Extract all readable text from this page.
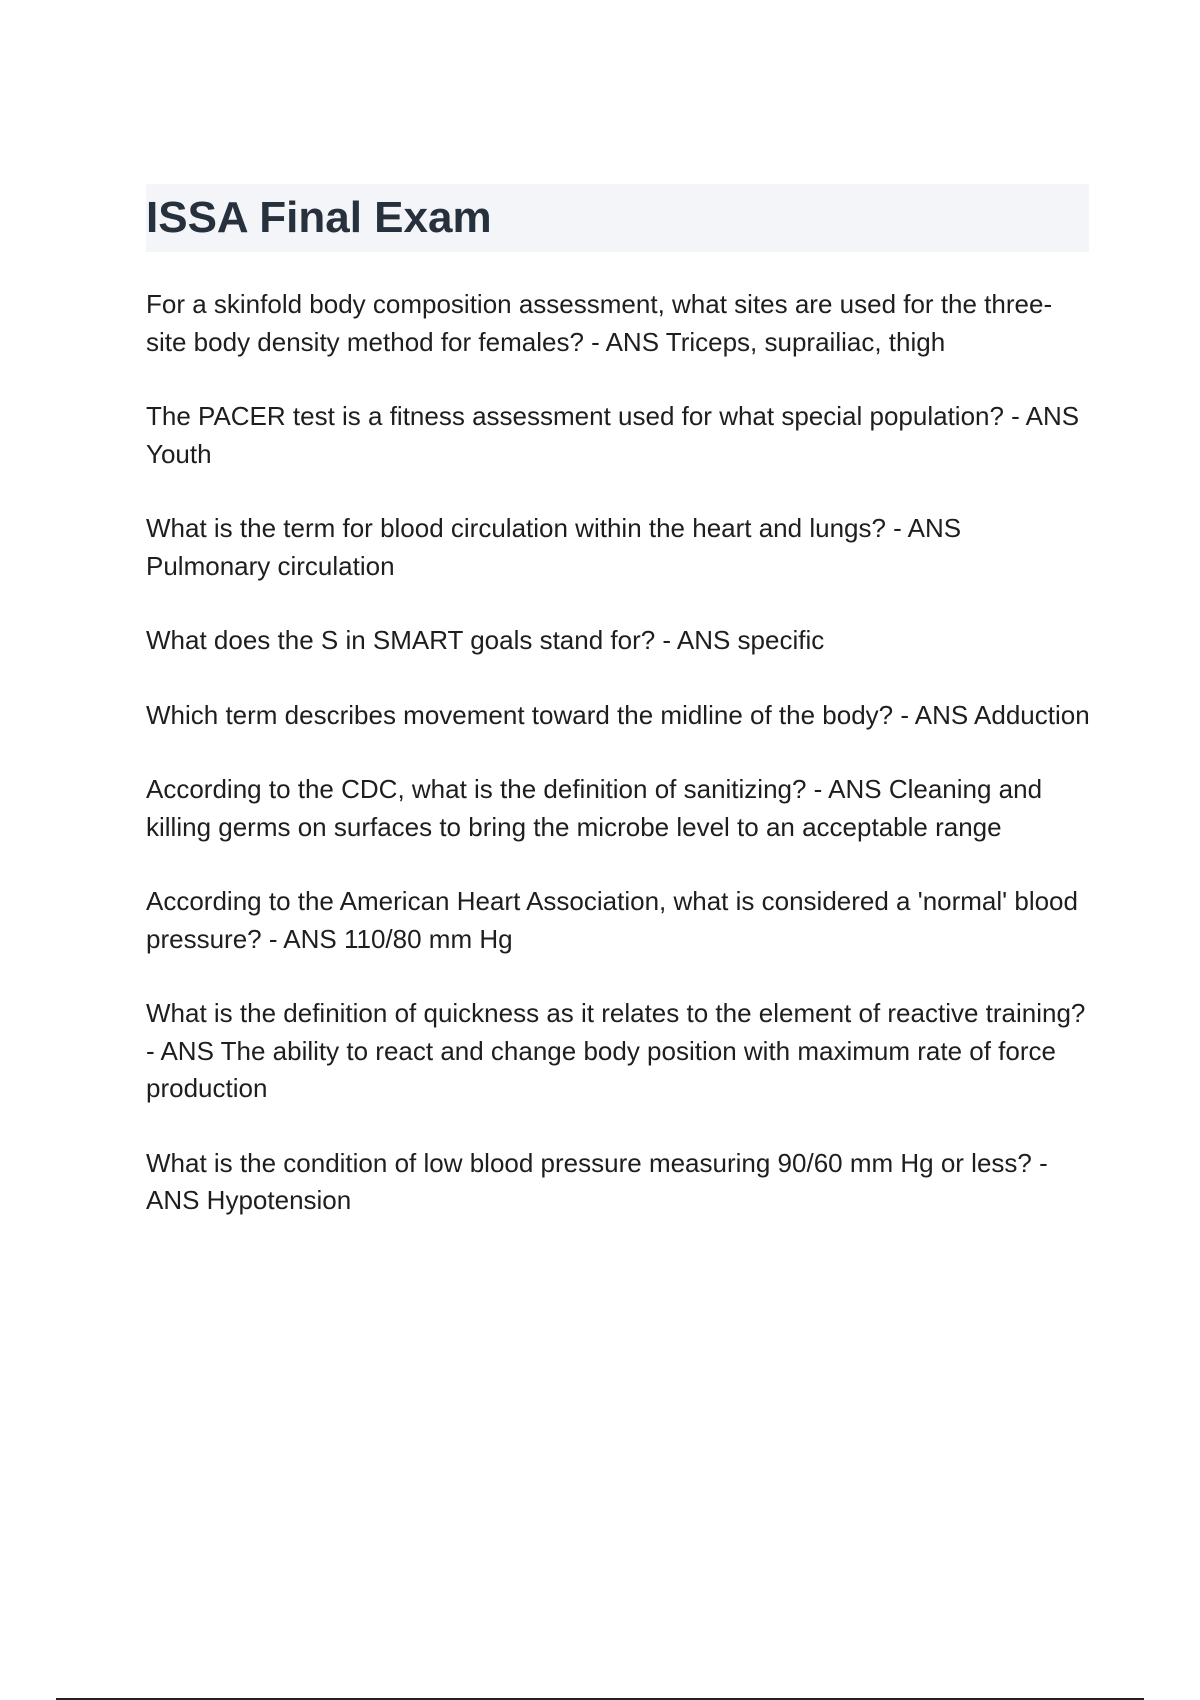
ISSA Final Exam
For a skinfold body composition assessment, what sites are used for the three-site body density method for females? - ANS Triceps, suprailiac, thigh
The PACER test is a fitness assessment used for what special population? - ANS Youth
What is the term for blood circulation within the heart and lungs? - ANS Pulmonary circulation
What does the S in SMART goals stand for? - ANS specific
Which term describes movement toward the midline of the body? - ANS Adduction
According to the CDC, what is the definition of sanitizing? - ANS Cleaning and killing germs on surfaces to bring the microbe level to an acceptable range
According to the American Heart Association, what is considered a 'normal' blood pressure? - ANS 110/80 mm Hg
What is the definition of quickness as it relates to the element of reactive training? - ANS The ability to react and change body position with maximum rate of force production
What is the condition of low blood pressure measuring 90/60 mm Hg or less? - ANS Hypotension
